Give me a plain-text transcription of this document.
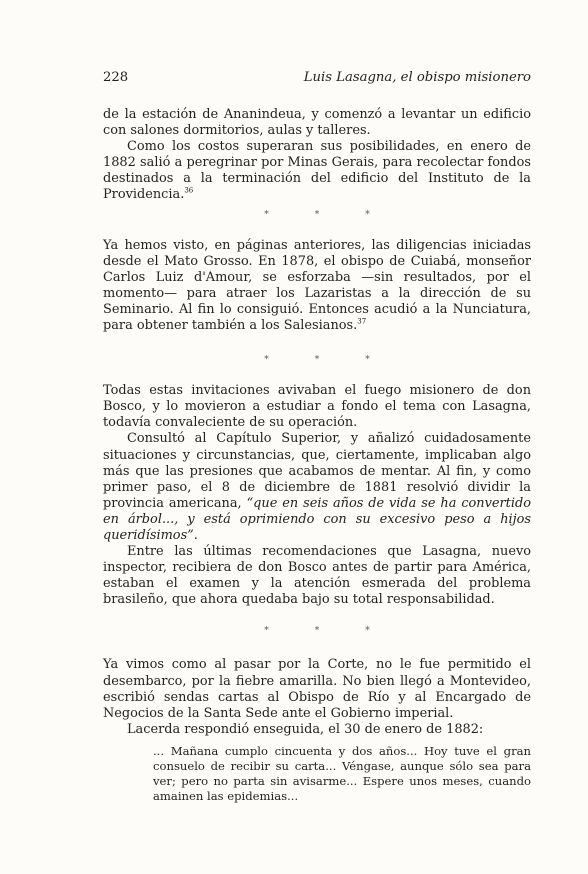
228	Luis Lasagna, el obispo misionero

de la estación de Ananindeua, y comenzó a levantar un edificio con salones dormitorios, aulas y talleres.

Como los costos superaran sus posibilidades, en enero de 1882 salió a peregrinar por Minas Gerais, para recolectar fondos destinados a la terminación del edificio del Instituto de la Providencia.$^{36}$

*	*	*

Ya hemos visto, en páginas anteriores, las diligencias iniciadas desde el Mato Grosso. En 1878, el obispo de Cuiabá, monseñor Carlos Luiz d'Amour, se esforzaba —sin resultados, por el momento— para atraer los Lazaristas a la dirección de su Seminario. Al fin lo consiguió. Entonces acudió a la Nunciatura, para obtener también a los Salesianos.$^{37}$

*	*	*

Todas estas invitaciones avivaban el fuego misionero de don Bosco, y lo movieron a estudiar a fondo el tema con Lasagna, todavía convaleciente de su operación.

Consultó al Capítulo Superior, y añalizó cuidadosamente situaciones y circunstancias, que, ciertamente, implicaban algo más que las presiones que acabamos de mentar. Al fin, y como primer paso, el 8 de diciembre de 1881 resolvió dividir la provincia americana, “que en seis años de vida se ha convertido en árbol..., y está oprimiendo con su excesivo peso a hijos queridísimos”.

Entre las últimas recomendaciones que Lasagna, nuevo inspector, recibiera de don Bosco antes de partir para América, estaban el examen y la atención esmerada del problema brasileño, que ahora quedaba bajo su total responsabilidad.

*	*	*

Ya vimos como al pasar por la Corte, no le fue permitido el desembarco, por la fiebre amarilla. No bien llegó a Montevideo, escribió sendas cartas al Obispo de Río y al Encargado de Negocios de la Santa Sede ante el Gobierno imperial.

Lacerda respondió enseguida, el 30 de enero de 1882:

... Mañana cumplo cincuenta y dos años... Hoy tuve el gran consuelo de recibir su carta... Véngase, aunque sólo sea para ver; pero no parta sin avisarme... Espere unos meses, cuando amainen las epidemias...
